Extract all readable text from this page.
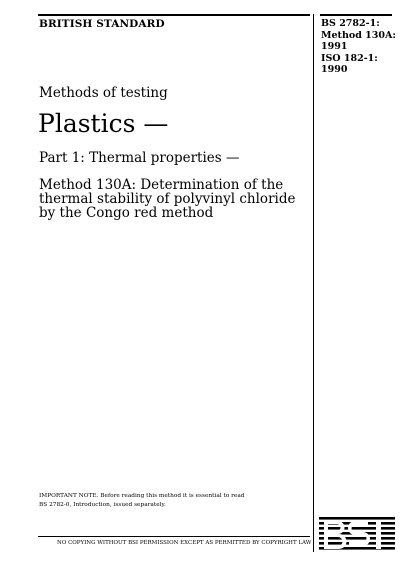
BRITISH STANDARD	BS 2782-1:
Method 130A:
1991
ISO 182-1:
1990
Methods of testing
Plastics —
Part 1: Thermal properties —
Method 130A: Determination of the
thermal stability of polyvinyl chloride
by the Congo red method
IMPORTANT NOTE. Before reading this method it is essential to read
BS 2782-0, Introduction, issued separately.
NO COPYING WITHOUT BSI PERMISSION EXCEPT AS PERMITTED BY COPYRIGHT LAW
